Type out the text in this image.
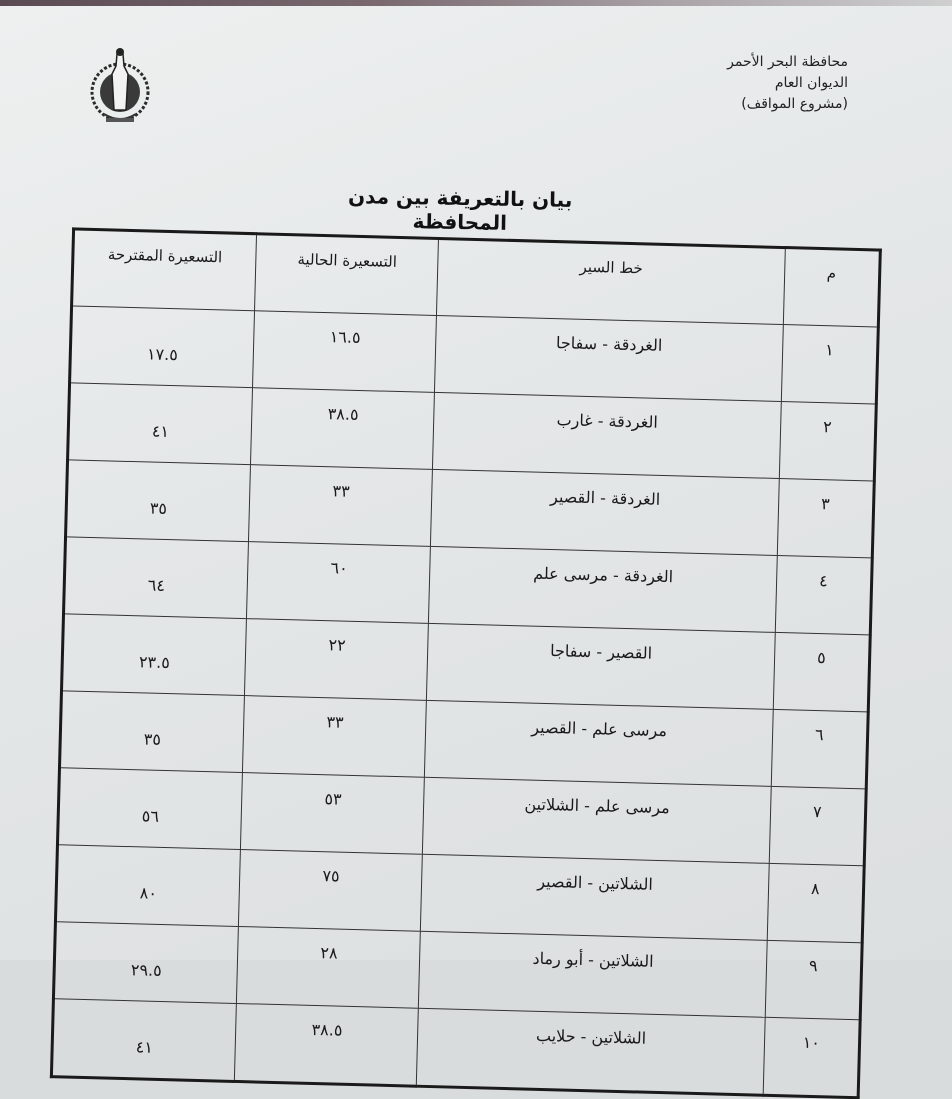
محافظة البحر الأحمر
الديوان العام
(مشروع المواقف)
بيان بالتعريفة بين مدن المحافظة
م	خط السير	التسعيرة الحالية	التسعيرة المقترحة
١	الغردقة - سفاجا	١٦.٥	١٧.٥
٢	الغردقة - غارب	٣٨.٥	٤١
٣	الغردقة - القصير	٣٣	٣٥
٤	الغردقة - مرسى علم	٦٠	٦٤
٥	القصير - سفاجا	٢٢	٢٣.٥
٦	مرسى علم - القصير	٣٣	٣٥
٧	مرسى علم - الشلاتين	٥٣	٥٦
٨	الشلاتين - القصير	٧٥	٨٠
٩	الشلاتين - أبو رماد	٢٨	٢٩.٥
١٠	الشلاتين - حلايب	٣٨.٥	٤١
